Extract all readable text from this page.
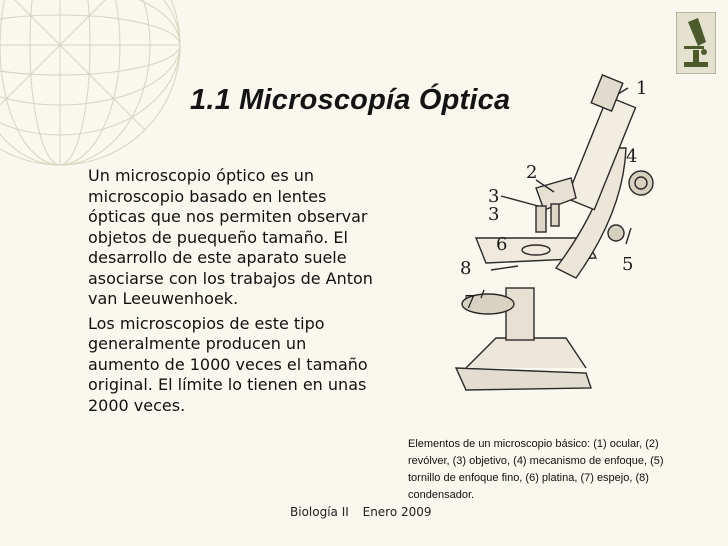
1.1 Microscopía Óptica

Un microscopio óptico es un microscopio basado en lentes ópticas que nos permiten observar objetos de puequeño tamaño. El desarrollo de este aparato suele asociarse con los trabajos de Anton van Leeuwenhoek.

Los microscopios de este tipo generalmente producen un aumento de 1000 veces el tamaño original. El límite lo tienen en unas 2000 veces.

1
2
3
3
4
5
6
7
8
Elementos de un microscopio básico: (1) ocular, (2) revólver, (3) objetivo, (4) mecanismo de enfoque, (5) tornillo de enfoque fino, (6) platina, (7) espejo, (8) condensador.
Biología II Enero 2009
